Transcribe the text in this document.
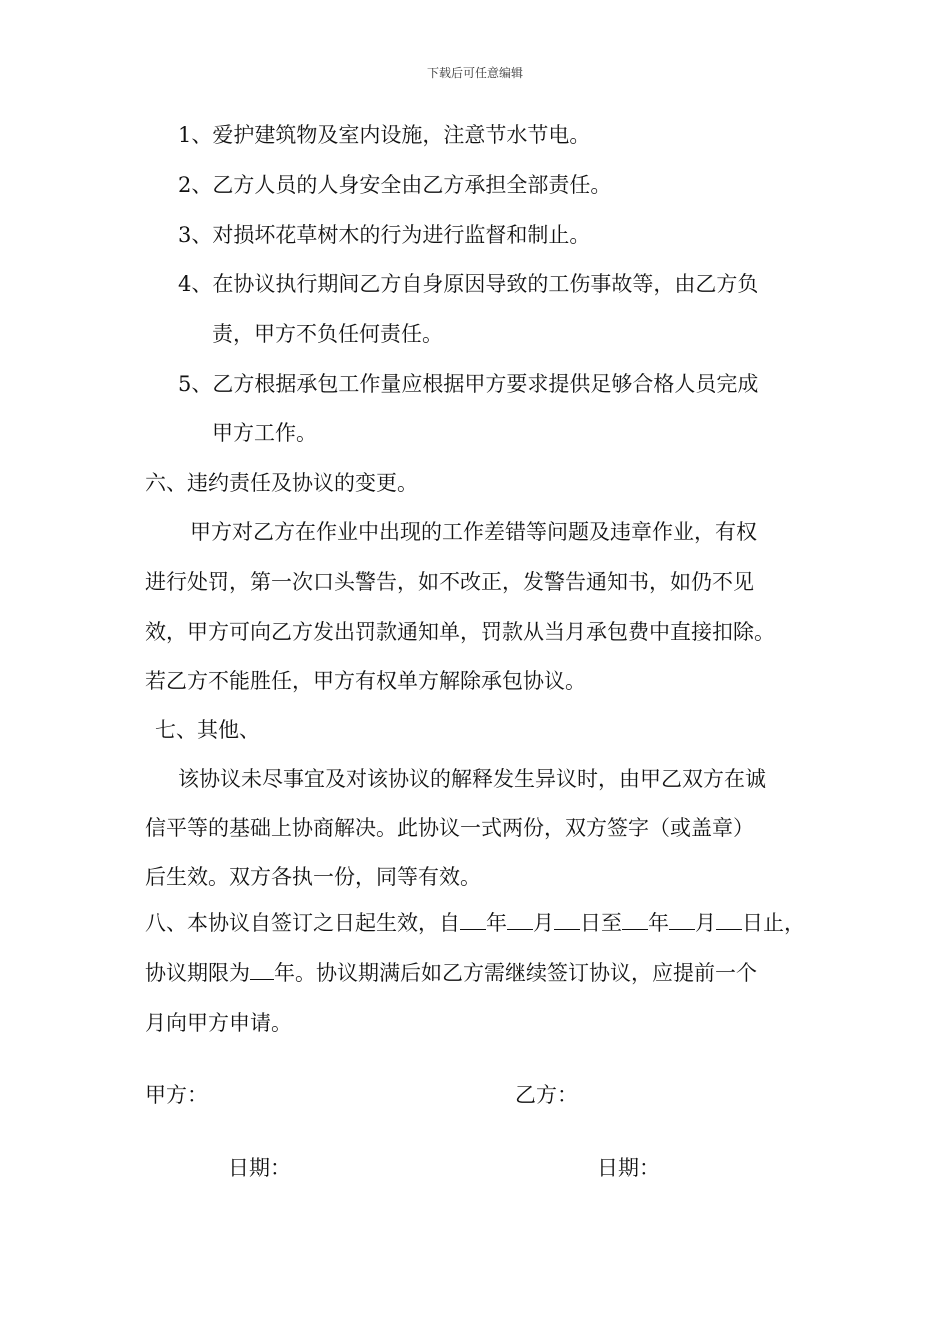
下载后可任意编辑
1、爱护建筑物及室内设施，注意节水节电。
2、乙方人员的人身安全由乙方承担全部责任。
3、对损坏花草树木的行为进行监督和制止。
4、在协议执行期间乙方自身原因导致的工伤事故等，由乙方负
责，甲方不负任何责任。
5、乙方根据承包工作量应根据甲方要求提供足够合格人员完成
甲方工作。
六、违约责任及协议的变更。
甲方对乙方在作业中出现的工作差错等问题及违章作业，有权
进行处罚，第一次口头警告，如不改正，发警告通知书，如仍不见
效，甲方可向乙方发出罚款通知单，罚款从当月承包费中直接扣除。
若乙方不能胜任，甲方有权单方解除承包协议。
七、其他、
该协议未尽事宜及对该协议的解释发生异议时，由甲乙双方在诚
信平等的基础上协商解决。此协议一式两份，双方签字（或盖章）
后生效。双方各执一份，同等有效。
八、本协议自签订之日起生效，自 年 月 日至 年 月 日止，
协议期限为 年。协议期满后如乙方需继续签订协议，应提前一个
月向甲方申请。
甲方：	乙方：
日期：	日期：
